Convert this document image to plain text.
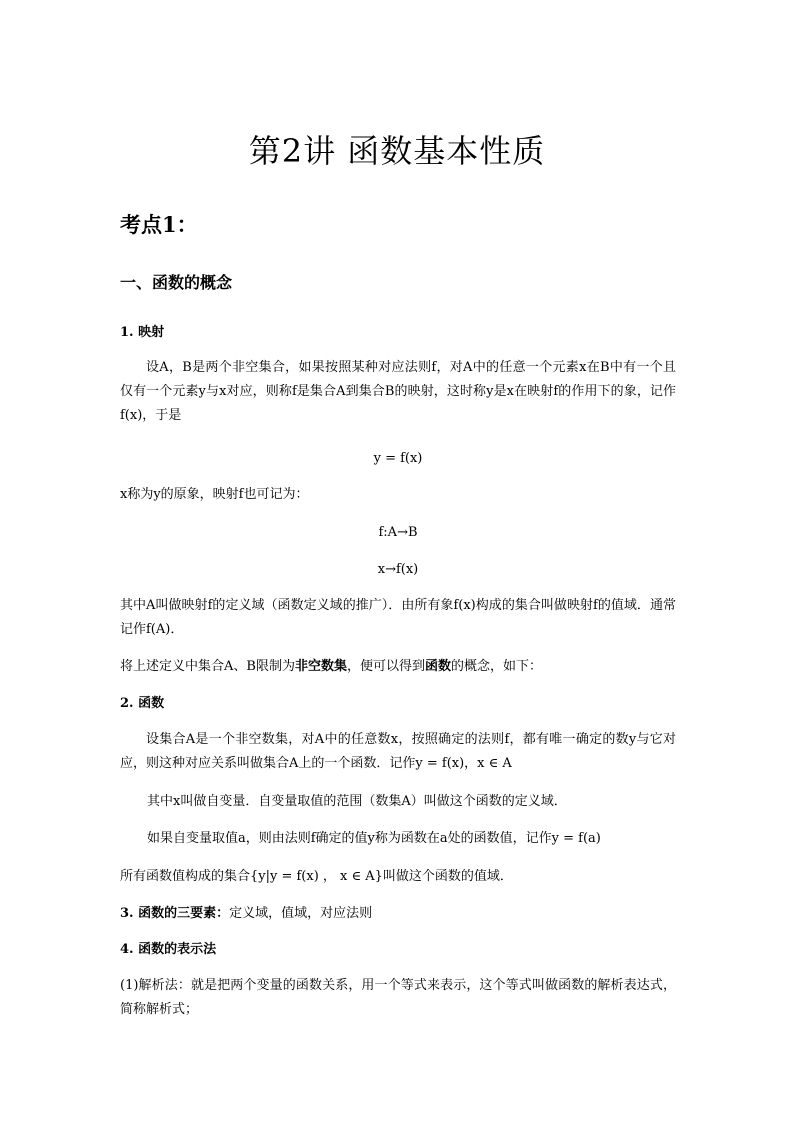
第2讲 函数基本性质
考点1：
一、函数的概念
1. 映射

设A，B是两个非空集合，如果按照某种对应法则f，对A中的任意一个元素x在B中有一个且仅有一个元素y与x对应，则称f是集合A到集合B的映射，这时称y是x在映射f的作用下的象，记作f(x)，于是

y = f(x)
x称为y的原象，映射f也可记为：
f:A→B
x→f(x)

其中A叫做映射f的定义域（函数定义域的推广）．由所有象f(x)构成的集合叫做映射f的值域．通常记作f(A)．

将上述定义中集合A、B限制为非空数集，便可以得到函数的概念，如下：
2. 函数

设集合A是一个非空数集，对A中的任意数x，按照确定的法则f，都有唯一确定的数y与它对应，则这种对应关系叫做集合A上的一个函数．记作y = f(x)，x ∈ A

其中x叫做自变量．自变量取值的范围（数集A）叫做这个函数的定义域．
如果自变量取值a，则由法则f确定的值y称为函数在a处的函数值，记作y = f(a)
所有函数值构成的集合{y|y = f(x) ， x ∈ A}叫做这个函数的值域．
3. 函数的三要素：定义域，值域，对应法则
4. 函数的表示法

(1)解析法：就是把两个变量的函数关系，用一个等式来表示，这个等式叫做函数的解析表达式，简称解析式；
